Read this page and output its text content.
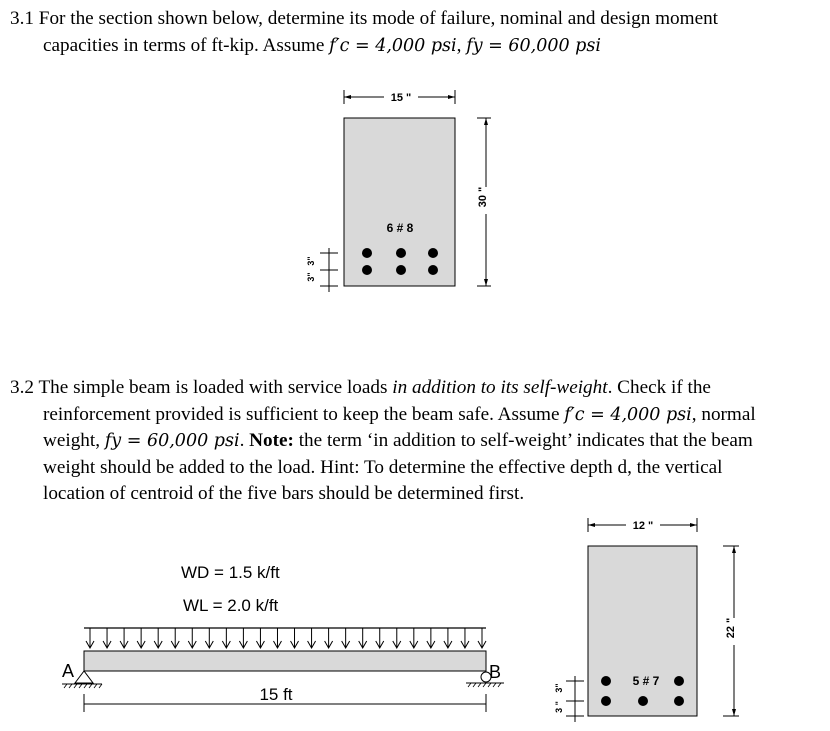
3.1 For the section shown below, determine its mode of failure, nominal and design moment
capacities in terms of ft-kip. Assume f′c = 4,000 psi, fy = 60,000 psi
15 "
30 "
6 # 8
3"
3"
3.2 The simple beam is loaded with service loads in addition to its self-weight. Check if the
reinforcement provided is sufficient to keep the beam safe. Assume f′c = 4,000 psi, normal
weight, fy = 60,000 psi. Note: the term ‘in addition to self-weight’ indicates that the beam
weight should be added to the load. Hint: To determine the effective depth d, the vertical
location of centroid of the five bars should be determined first.
WD = 1.5 k/ft
WL = 2.0 k/ft
A	B
15 ft
12 "
22 "
5 # 7
3 "
3"
